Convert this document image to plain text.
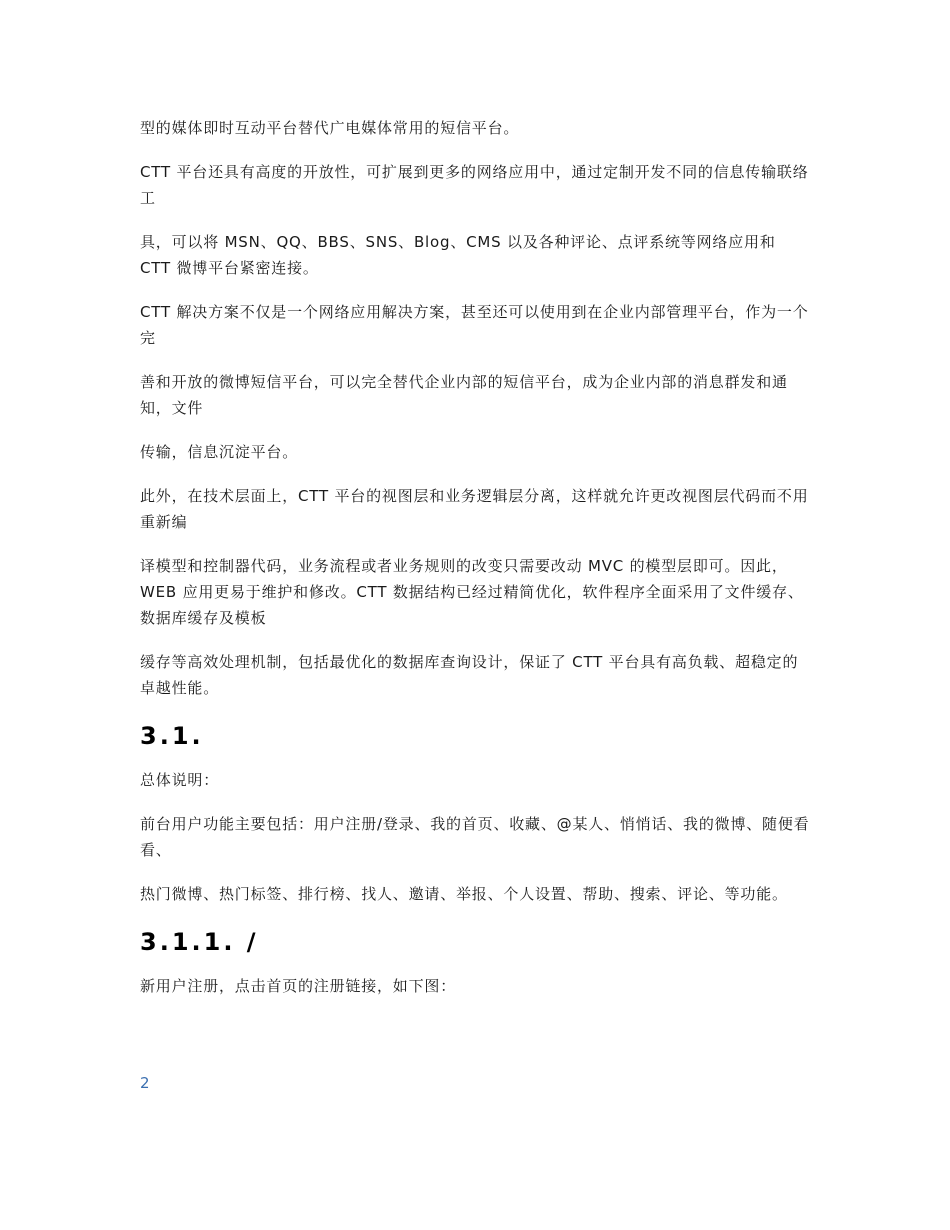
型的媒体即时互动平台替代广电媒体常用的短信平台。

CTT 平台还具有高度的开放性，可扩展到更多的网络应用中，通过定制开发不同的信息传输联络工

具，可以将 MSN、QQ、BBS、SNS、Blog、CMS 以及各种评论、点评系统等网络应用和 CTT 微博平台紧密连接。

CTT 解决方案不仅是一个网络应用解决方案，甚至还可以使用到在企业内部管理平台，作为一个完

善和开放的微博短信平台，可以完全替代企业内部的短信平台，成为企业内部的消息群发和通知，文件

传输，信息沉淀平台。

此外，在技术层面上，CTT 平台的视图层和业务逻辑层分离，这样就允许更改视图层代码而不用重新编

译模型和控制器代码，业务流程或者业务规则的改变只需要改动 MVC 的模型层即可。因此，WEB 应用更易于维护和修改。CTT 数据结构已经过精简优化，软件程序全面采用了文件缓存、数据库缓存及模板

缓存等高效处理机制，包括最优化的数据库查询设计，保证了 CTT 平台具有高负载、超稳定的卓越性能。

3.1.

总体说明：

前台用户功能主要包括：用户注册/登录、我的首页、收藏、@某人、悄悄话、我的微博、随便看看、

热门微博、热门标签、排行榜、找人、邀请、举报、个人设置、帮助、搜索、评论、等功能。

3.1.1. /

新用户注册，点击首页的注册链接，如下图：

2
